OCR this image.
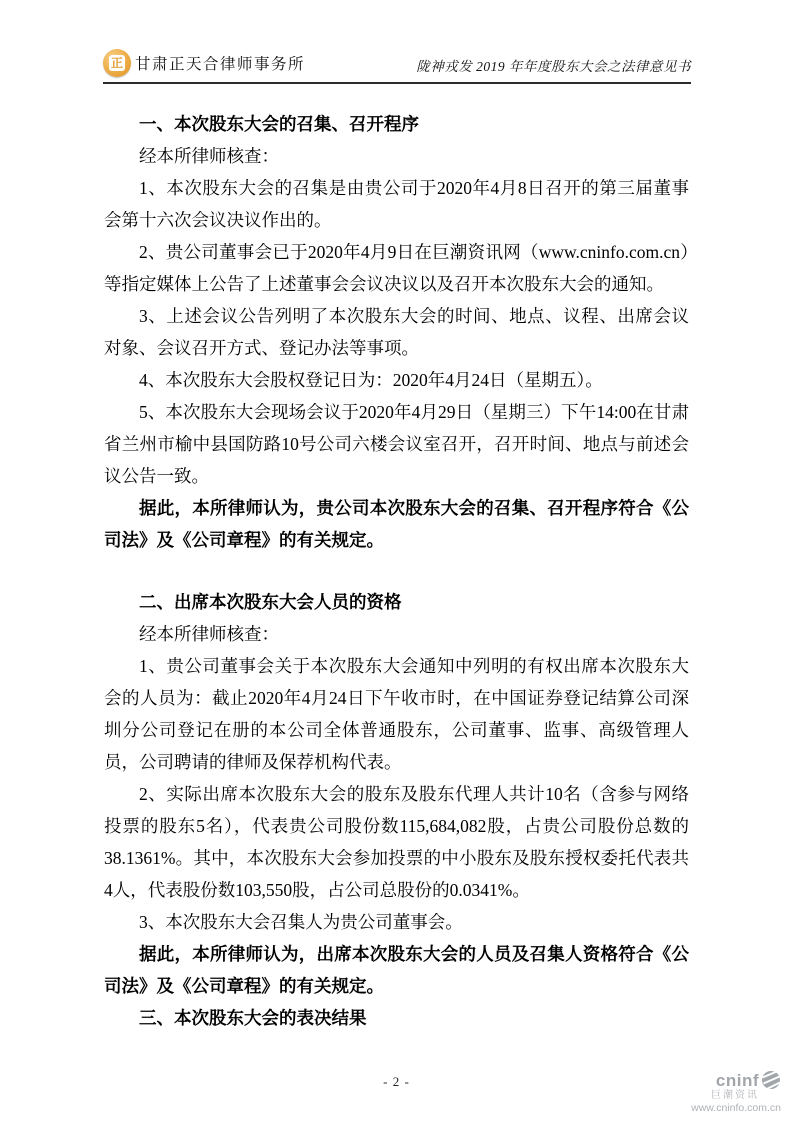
正 甘肃正天合律师事务所	陇神戎发 2019 年年度股东大会之法律意见书
一、本次股东大会的召集、召开程序

经本所律师核查：

1、本次股东大会的召集是由贵公司于2020年4月8日召开的第三届董事会第十六次会议决议作出的。

2、贵公司董事会已于2020年4月9日在巨潮资讯网（www.cninfo.com.cn）等指定媒体上公告了上述董事会会议决议以及召开本次股东大会的通知。

3、上述会议公告列明了本次股东大会的时间、地点、议程、出席会议对象、会议召开方式、登记办法等事项。

4、本次股东大会股权登记日为：2020年4月24日（星期五）。

5、本次股东大会现场会议于2020年4月29日（星期三）下午14:00在甘肃省兰州市榆中县国防路10号公司六楼会议室召开，召开时间、地点与前述会议公告一致。

据此，本所律师认为，贵公司本次股东大会的召集、召开程序符合《公司法》及《公司章程》的有关规定。

二、出席本次股东大会人员的资格

经本所律师核查：

1、贵公司董事会关于本次股东大会通知中列明的有权出席本次股东大会的人员为：截止2020年4月24日下午收市时，在中国证券登记结算公司深圳分公司登记在册的本公司全体普通股东，公司董事、监事、高级管理人员，公司聘请的律师及保荐机构代表。

2、实际出席本次股东大会的股东及股东代理人共计10名（含参与网络投票的股东5名），代表贵公司股份数115,684,082股，占贵公司股份总数的38.1361%。其中，本次股东大会参加投票的中小股东及股东授权委托代表共4人，代表股份数103,550股，占公司总股份的0.0341%。

3、本次股东大会召集人为贵公司董事会。

据此，本所律师认为，出席本次股东大会的人员及召集人资格符合《公司法》及《公司章程》的有关规定。

三、本次股东大会的表决结果
- 2 -	cninf
巨潮资讯
www.cninfo.com.cn
